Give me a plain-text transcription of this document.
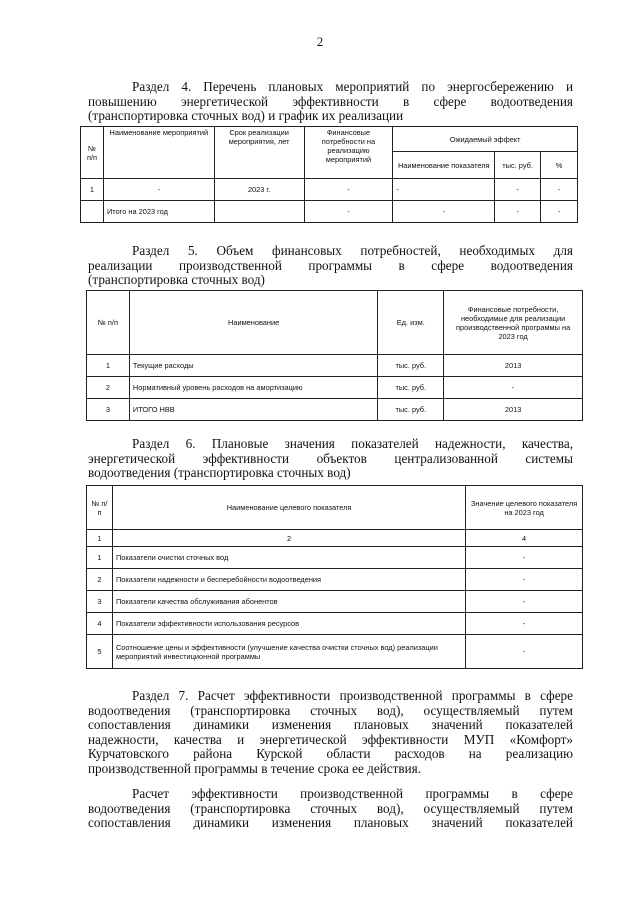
2
Раздел 4. Перечень плановых мероприятий по энергосбережению и
повышению энергетической эффективности в сфере водоотведения
(транспортировка сточных вод) и график их реализации
№ п/п	Наименование мероприятий	Срок реализации мероприятия, лет	Финансовые потребности на реализацию мероприятий	Ожидаемый эффект		
				Наименование показателя	тыс. руб.	%
1	-	2023 г.	-	-	-	-
	Итого на 2023 год		-	-	-	-
Раздел 5. Объем финансовых потребностей, необходимых для
реализации производственной программы в сфере водоотведения
(транспортировка сточных вод)
№ п/п	Наименование	Ед. изм.	Финансовые потребности, необходимые для реализации производственной программы на 2023 год
1	Текущие расходы	тыс. руб.	2013
2	Нормативный уровень расходов на амортизацию	тыс. руб.	-
3	ИТОГО НВВ	тыс. руб.	2013
Раздел 6. Плановые значения показателей надежности, качества,
энергетической эффективности объектов централизованной системы
водоотведения (транспортировка сточных вод)
№ п/п	Наименование целевого показателя	Значение целевого показателя на 2023 год
1	2	4
1	Показатели очистки сточных вод	-
2	Показатели надежности и бесперебойности водоотведения	-
3	Показатели качества обслуживания абонентов	-
4	Показатели эффективности использования ресурсов	-
5	Соотношение цены и эффективности (улучшение качества очистки сточных вод) реализации мероприятий инвестиционной программы	-
Раздел 7. Расчет эффективности производственной программы в сфере
водоотведения (транспортировка сточных вод), осуществляемый путем
сопоставления динамики изменения плановых значений показателей
надежности, качества и энергетической эффективности МУП «Комфорт»
Курчатовского района Курской области расходов на реализацию
производственной программы в течение срока ее действия.
Расчет эффективности производственной программы в сфере
водоотведения (транспортировка сточных вод), осуществляемый путем
сопоставления динамики изменения плановых значений показателей
